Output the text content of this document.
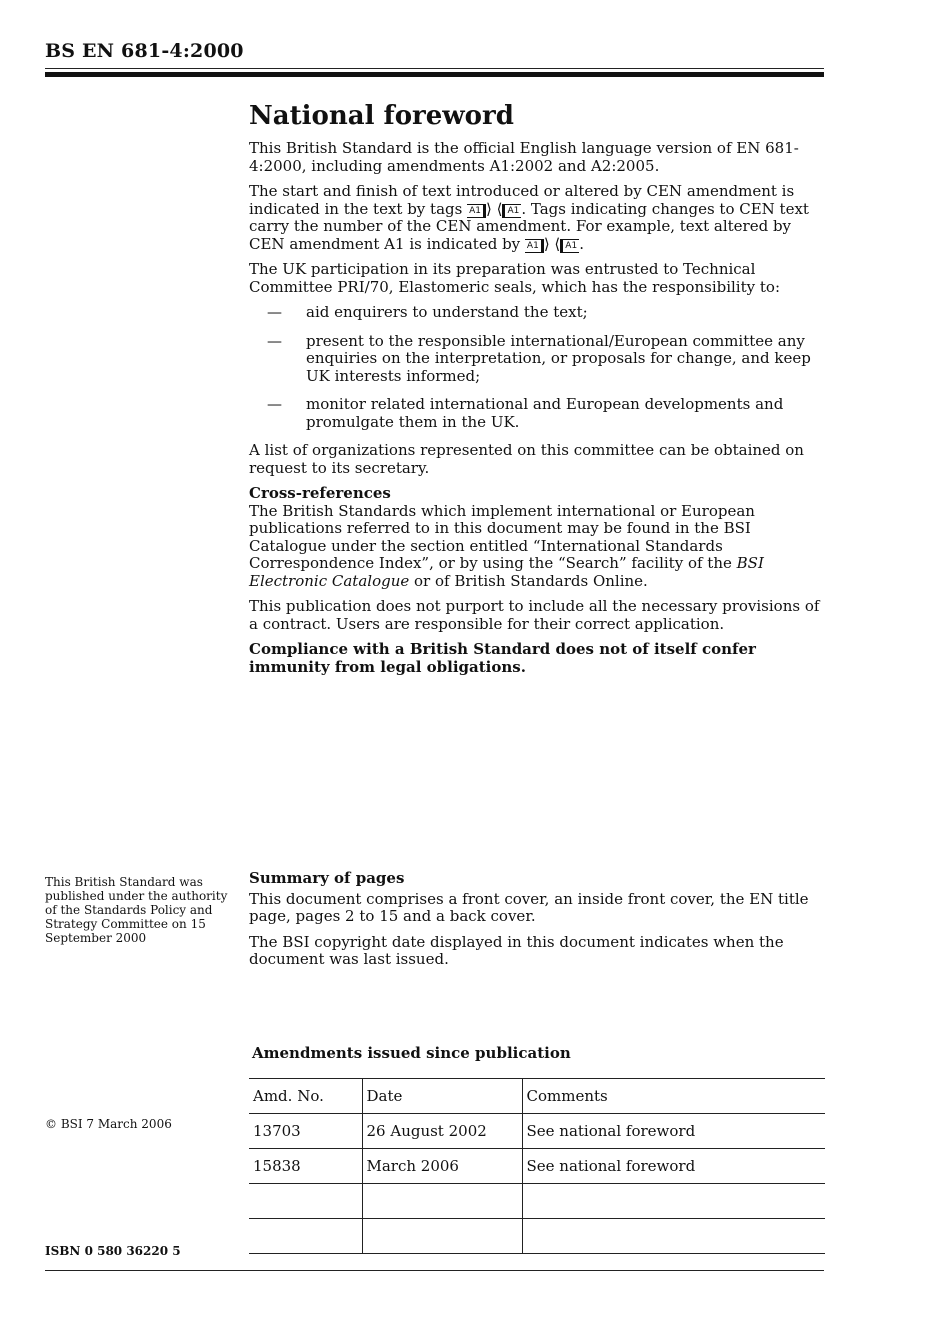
BS EN 681-4:2000
National foreword

This British Standard is the official English language version of EN 681-4:2000, including amendments A1:2002 and A2:2005.

The start and finish of text introduced or altered by CEN amendment is indicated in the text by tags A1 ⟩ ⟨ A1 . Tags indicating changes to CEN text carry the number of the CEN amendment. For example, text altered by CEN amendment A1 is indicated by A1 ⟩ ⟨ A1 .

The UK participation in its preparation was entrusted to Technical Committee PRI/70, Elastomeric seals, which has the responsibility to:

—	aid enquirers to understand the text;
—	present to the responsible international/European committee any enquiries on the interpretation, or proposals for change, and keep UK interests informed;
—	monitor related international and European developments and promulgate them in the UK.

A list of organizations represented on this committee can be obtained on request to its secretary.

Cross-references

The British Standards which implement international or European publications referred to in this document may be found in the BSI Catalogue under the section entitled “International Standards Correspondence Index”, or by using the “Search” facility of the BSI Electronic Catalogue or of British Standards Online.

This publication does not purport to include all the necessary provisions of a contract. Users are responsible for their correct application.

Compliance with a British Standard does not of itself confer immunity from legal obligations.

This British Standard was published under the authority of the Standards Policy and Strategy Committee on 15 September 2000
Summary of pages

This document comprises a front cover, an inside front cover, the EN title page, pages 2 to 15 and a back cover.

The BSI copyright date displayed in this document indicates when the document was last issued.

Amendments issued since publication
Amd. No.	Date	Comments
13703	26 August 2002	See national foreword
15838	March 2006	See national foreword

© BSI 7 March 2006
ISBN 0 580 36220 5
